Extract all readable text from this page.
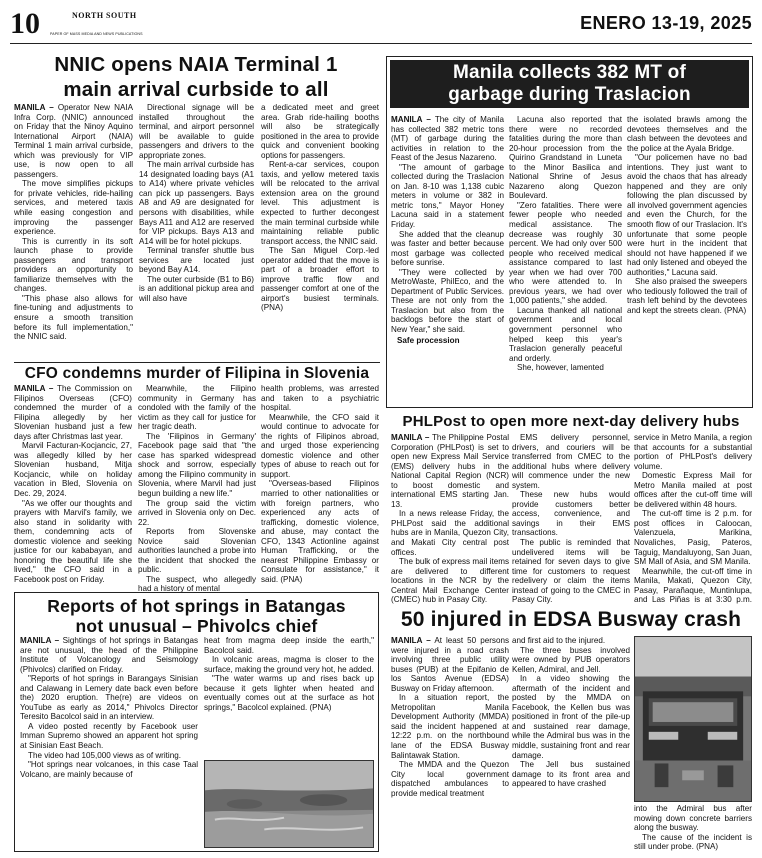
10	NORTH SOUTH
PAPER OF MASS MEDIA AND NEWS PUBLICATIONS
ENERO 13-19, 2025
NNIC opens NAIA Terminal 1
main arrival curbside to all

MANILA – Operator New NAIA Infra Corp. (NNIC) announced on Friday that the Ninoy Aquino International Airport (NAIA) Terminal 1 main arrival curbside, which was previously for VIP use, is now open to all passengers.

The move simplifies pickups for private vehicles, ride-hailing services, and metered taxis while easing congestion and improving the passenger experience.

This is currently in its soft launch phase to provide passengers and transport providers an opportunity to familiarize themselves with the changes.

"This phase also allows for fine-tuning and adjustments to ensure a smooth transition before its full implementation," the NNIC said.

Directional signage will be installed throughout the terminal, and airport personnel will be available to guide passengers and drivers to the appropriate zones.

The main arrival curbside has 14 designated loading bays (A1 to A14) where private vehicles can pick up passengers. Bays A8 and A9 are designated for persons with disabilities, while Bays A11 and A12 are reserved for VIP pickups. Bays A13 and A14 will be for hotel pickups.

Terminal transfer shuttle bus services are located just beyond Bay A14.

The outer curbside (B1 to B6) is an additional pickup area and will also have

a dedicated meet and greet area. Grab ride-hailing booths will also be strategically positioned in the area to provide quick and convenient booking options for passengers.

Rent-a-car services, coupon taxis, and yellow metered taxis will be relocated to the arrival extension area on the ground level. This adjustment is expected to further decongest the main terminal curbside while maintaining reliable public transport access, the NNIC said.

The San Miguel Corp.-led operator added that the move is part of a broader effort to improve traffic flow and passenger comfort at one of the airport's busiest terminals. (PNA)

Manila collects 382 MT of
garbage during Traslacion

MANILA – The city of Manila has collected 382 metric tons (MT) of garbage during the activities in relation to the Feast of the Jesus Nazareno.

"The amount of garbage collected during the Traslacion on Jan. 8-10 was 1,138 cubic meters in volume or 382 in metric tons," Mayor Honey Lacuna said in a statement Friday.

She added that the cleanup was faster and better because most garbage was collected before sunrise.

"They were collected by MetroWaste, PhilEco, and the Department of Public Services. These are not only from the Traslacion but also from the backlogs before the start of New Year," she said.

Safe procession

Lacuna also reported that there were no recorded fatalities during the more than 20-hour procession from the Quirino Grandstand in Luneta to the Minor Basilica and National Shrine of Jesus Nazareno along Quezon Boulevard.

"Zero fatalities. There were fewer people who needed medical assistance. The decrease was roughly 30 percent. We had only over 500 people who received medical assistance compared to last year when we had over 700 who were attended to. In previous years, we had over 1,000 patients," she added.

Lacuna thanked all national government and local government personnel who helped keep this year's Traslacion generally peaceful and orderly.

She, however, lamented

the isolated brawls among the devotees themselves and the clash between the devotees and the police at the Ayala Bridge.

"Our policemen have no bad intentions. They just want to avoid the chaos that has already happened and they are only following the plan discussed by all involved government agencies and even the Church, for the smooth flow of our Traslacion. It's unfortunate that some people were hurt in the incident that should not have happened if we had only listened and obeyed the authorities," Lacuna said.

She also praised the sweepers who tediously followed the trail of trash left behind by the devotees and kept the streets clean. (PNA)

CFO condemns murder of Filipina in Slovenia

MANILA – The Commission on Filipinos Overseas (CFO) condemned the murder of a Filipina allegedly by her Slovenian husband just a few days after Christmas last year.

Marvil Facturan-Kocjancic, 27, was allegedly killed by her Slovenian husband, Mitja Kocjancic, while on holiday vacation in Bled, Slovenia on Dec. 29, 2024.

"As we offer our thoughts and prayers with Marvil's family, we also stand in solidarity with them, condemning acts of domestic violence and seeking justice for our kababayan, and honoring the beautiful life she lived," the CFO said in a Facebook post on Friday.

Meanwhile, the Filipino community in Germany has condoled with the family of the victim as they call for justice for her tragic death.

The 'Filipinos in Germany' Facebook page said that "the case has sparked widespread shock and sorrow, especially among the Filipino community in Slovenia, where Marvil had just begun building a new life."

The group said the victim arrived in Slovenia only on Dec. 22.

Reports from Slovenske Novice said Slovenian authorities launched a probe into the incident that shocked the public.

The suspect, who allegedly had a history of mental

health problems, was arrested and taken to a psychiatric hospital.

Meanwhile, the CFO said it would continue to advocate for the rights of Filipinos abroad, and urged those experiencing domestic violence and other types of abuse to reach out for support.

"Overseas-based Filipinos married to other nationalities or with foreign partners, who experienced any acts of trafficking, domestic violence, and abuse, may contact the CFO, 1343 Actionline against Human Trafficking, or the nearest Philippine Embassy or Consulate for assistance," it said. (PNA)

PHLPost to open more next-day delivery hubs

MANILA – The Philippine Postal Corporation (PHLPost) is set to open new Express Mail Service (EMS) delivery hubs in the National Capital Region (NCR) to boost domestic and international EMS starting Jan. 13.

In a news release Friday, the PHLPost said the additional hubs are in Manila, Quezon City, and Makati City central post offices.

The bulk of express mail items are delivered to different locations in the NCR by the Central Mail Exchange Center (CMEC) hub in Pasay City.

EMS delivery personnel, drivers, and couriers will be transferred from CMEC to the additional hubs where delivery will commence under the new system.

These new hubs would provide customers better access, convenience, and savings in their EMS transactions.

The public is reminded that undelivered items will be retained for seven days to give time for customers to request redelivery or claim the items instead of going to the CMEC in Pasay City.

service in Metro Manila, a region that accounts for a substantial portion of PHLPost's delivery volume.

Domestic Express Mail for Metro Manila mailed at post offices after the cut-off time will be delivered within 48 hours.

The cut-off time is 2 p.m. for post offices in Caloocan, Valenzuela, Marikina, Novaliches, Pasig, Pateros, Taguig, Mandaluyong, San Juan, SM Mall of Asia, and SM Manila.

Meanwhile, the cut-off time in Manila, Makati, Quezon City, Pasay, Parañaque, Muntinlupa, and Las Piñas is at 3:30 p.m.

Reports of hot springs in Batangas
not unusual – Phivolcs chief

MANILA – Sightings of hot springs in Batangas are not unusual, the head of the Philippine Institute of Volcanology and Seismology (Phivolcs) clarified on Friday.

"Reports of hot springs in Barangays Sinisian and Calawang in Lemery date back even before the) 2020 eruption. The(re) are videos on YouTube as early as 2014," Phivolcs Director Teresito Bacolcol said in an interview.

A video posted recently by Facebook user Imman Supremo showed an apparent hot spring at Sinisian East Beach.

The video had 105,000 views as of writing.

"Hot springs near volcanoes, in this case Taal Volcano, are mainly because of

heat from magma deep inside the earth," Bacolcol said.

In volcanic areas, magma is closer to the surface, making the ground very hot, he added.

"The water warms up and rises back up because it gets lighter when heated and eventually comes out at the surface as hot springs," Bacolcol explained. (PNA)

50 injured in EDSA Busway crash

MANILA – At least 50 persons were injured in a road crash involving three public utility buses (PUB) at the Epifanio de los Santos Avenue (EDSA) Busway on Friday afternoon.

In a situation report, the Metropolitan Manila Development Authority (MMDA) said the incident happened at 12:22 p.m. on the northbound lane of the EDSA Busway Balintawak Station.

The MMDA and the Quezon City local government dispatched ambulances to provide medical treatment

and first aid to the injured.

The three buses involved were owned by PUB operators Kellen, Admiral, and Jell.

In a video showing the aftermath of the incident and posted by the MMDA on Facebook, the Kellen bus was positioned in front of the pile-up and sustained rear damage, while the Admiral bus was in the middle, sustaining front and rear damage.

The Jell bus sustained damage to its front area and appeared to have crashed

into the Admiral bus after mowing down concrete barriers along the busway.

The cause of the incident is still under probe. (PNA)
